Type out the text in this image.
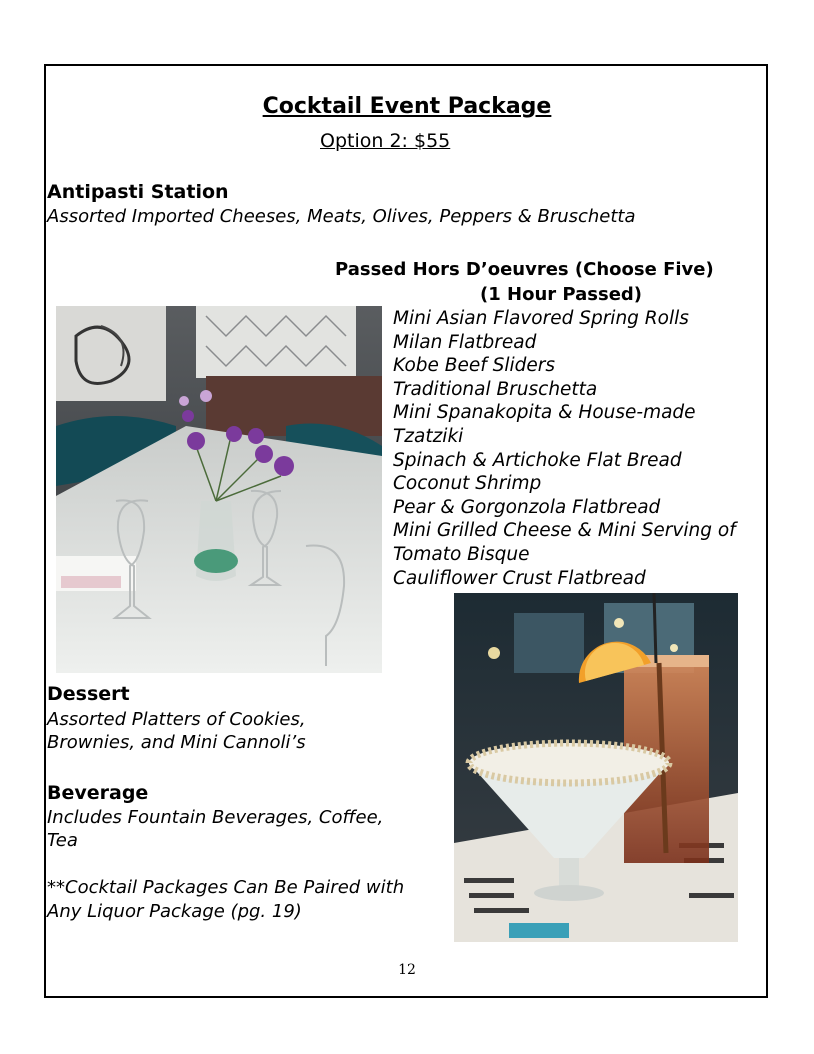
Cocktail Event Package
Option 2: $55
Antipasti Station
Assorted Imported Cheeses, Meats, Olives, Peppers & Bruschetta
Passed Hors D’oeuvres (Choose Five)
(1 Hour Passed)
Mini Asian Flavored Spring Rolls
Milan Flatbread
Kobe Beef Sliders
Traditional Bruschetta
Mini Spanakopita & House-made
Tzatziki
Spinach & Artichoke Flat Bread
Coconut Shrimp
Pear & Gorgonzola Flatbread
Mini Grilled Cheese & Mini Serving of
Tomato Bisque
Cauliflower Crust Flatbread
Dessert
Assorted Platters of Cookies,
Brownies, and Mini Cannoli’s
Beverage
Includes Fountain Beverages, Coffee,
Tea
**Cocktail Packages Can Be Paired with
Any Liquor Package (pg. 19)
12
